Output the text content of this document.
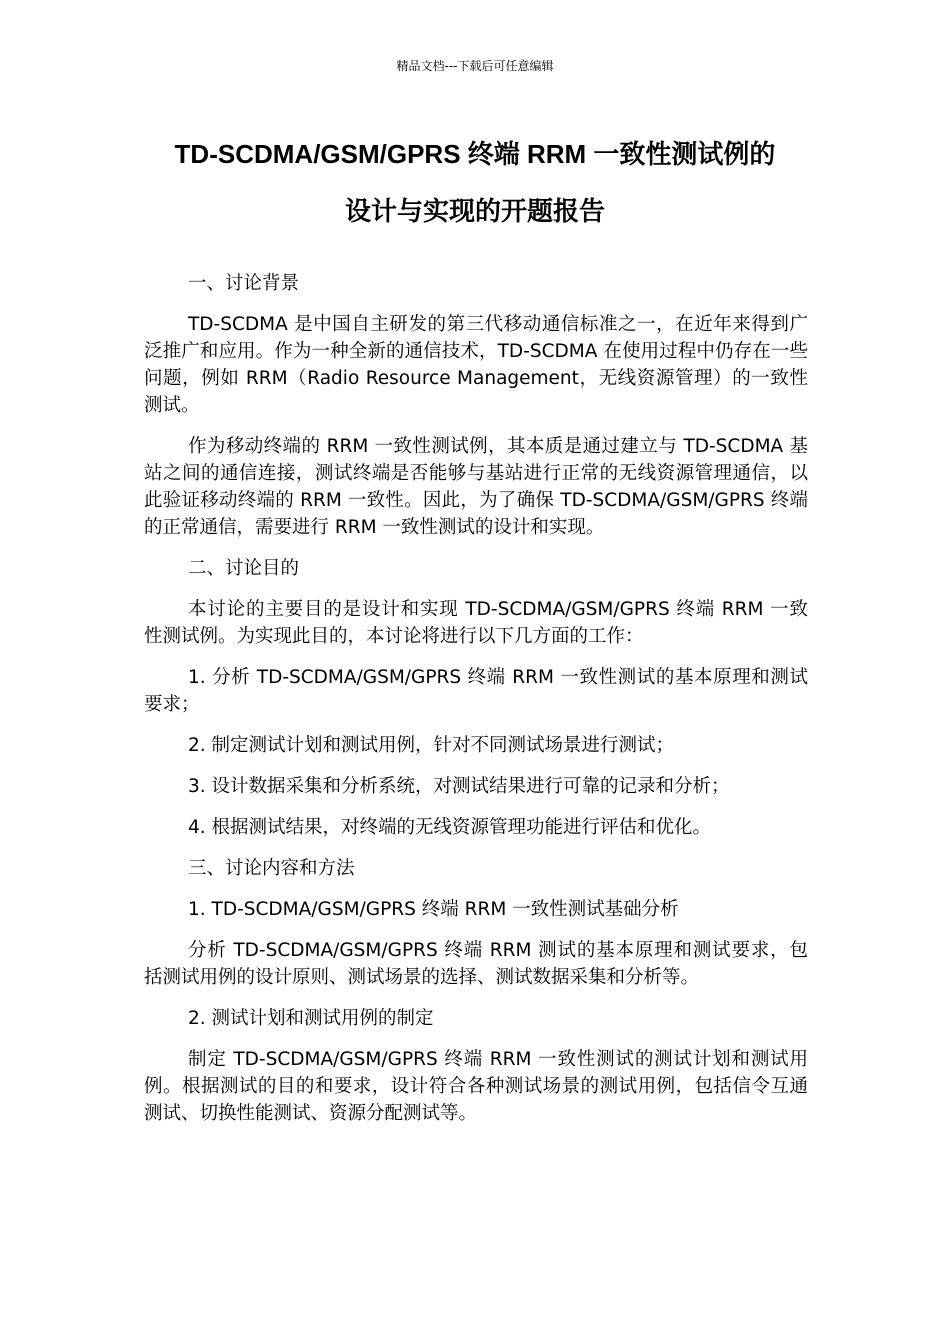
精品文档---下载后可任意编辑
TD-SCDMA/GSM/GPRS 终端 RRM 一致性测试例的
设计与实现的开题报告

一、讨论背景

TD-SCDMA 是中国自主研发的第三代移动通信标准之一，在近年来得到广泛推广和应用。作为一种全新的通信技术，TD-SCDMA 在使用过程中仍存在一些问题，例如 RRM（Radio Resource Management，无线资源管理）的一致性测试。

作为移动终端的 RRM 一致性测试例，其本质是通过建立与 TD-SCDMA 基站之间的通信连接，测试终端是否能够与基站进行正常的无线资源管理通信，以此验证移动终端的 RRM 一致性。因此，为了确保 TD-SCDMA/GSM/GPRS 终端的正常通信，需要进行 RRM 一致性测试的设计和实现。

二、讨论目的

本讨论的主要目的是设计和实现 TD-SCDMA/GSM/GPRS 终端 RRM 一致性测试例。为实现此目的，本讨论将进行以下几方面的工作：

1. 分析 TD-SCDMA/GSM/GPRS 终端 RRM 一致性测试的基本原理和测试要求；

2. 制定测试计划和测试用例，针对不同测试场景进行测试；

3. 设计数据采集和分析系统，对测试结果进行可靠的记录和分析；

4. 根据测试结果，对终端的无线资源管理功能进行评估和优化。

三、讨论内容和方法

1. TD-SCDMA/GSM/GPRS 终端 RRM 一致性测试基础分析

分析 TD-SCDMA/GSM/GPRS 终端 RRM 测试的基本原理和测试要求，包括测试用例的设计原则、测试场景的选择、测试数据采集和分析等。

2. 测试计划和测试用例的制定

制定 TD-SCDMA/GSM/GPRS 终端 RRM 一致性测试的测试计划和测试用例。根据测试的目的和要求，设计符合各种测试场景的测试用例，包括信令互通测试、切换性能测试、资源分配测试等。
